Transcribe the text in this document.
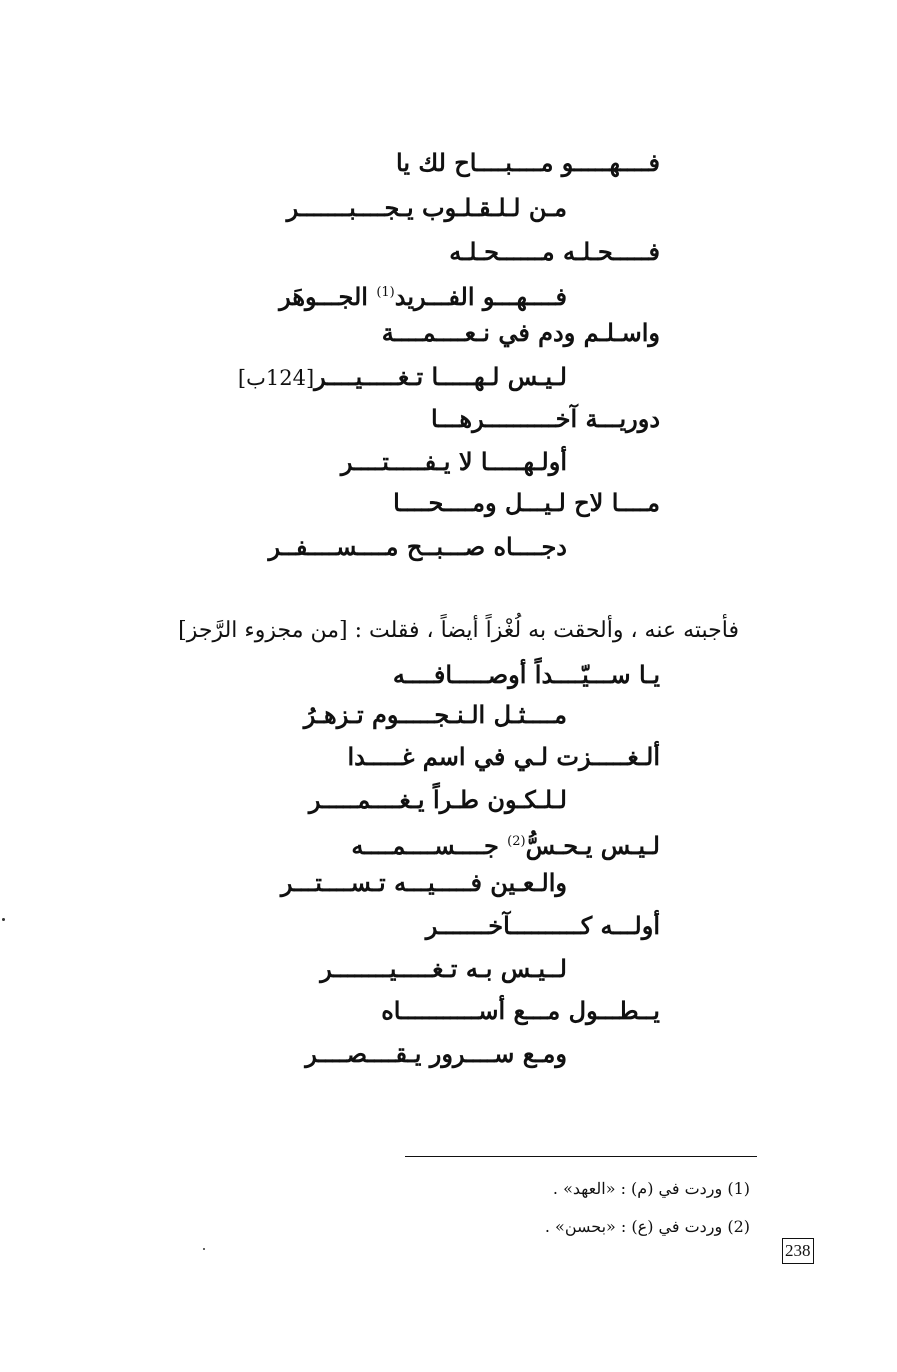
فــــهـــــو مــــبــــاح لك يا
مـن لـلـقـلـوب يـجــــبـــــــر
فـــــحـلـه مــــــحـلـه
فــــهـــو الفـــريد$^{(1)}$ الجـــوهَر
واسـلـم ودم في نـعــــمــــة
لـيـس لـهـــــا تـغـــــيــــر[124ب]
دوريـــة آخــــــــــرهـــا
أولـهـــــا لا يـفـــــتــــر
مــــا لاح لـيـــل ومــــحــــا
دجــــاه صـــبــح مــــســــفــر
فأجبته عنه ، وألحقت به لُغْزاً أيضاً ، فقلت : [من مجزوء الرَّجز]
يـا ســـيّــــداً أوصـــــافــــه
مــــثـل الـنـجـــــوم تـزهـرُ
ألـغـــــزت لـي في اسم غـــــدا
لـلـكـون طـراً يـغــــمـــــر
لـيـس يـحـسُّ$^{(2)}$ جــــســــمــــه
والـعـين فـــــيـــه تـســــتـــر
أولـــه كــــــــــآخـــــــر
لــيـس بـه تـغـــــيــــــــر
يــطـــول مـــع أســـــــــــاه
ومـع ســــرور يـقــــصــــر
(1) وردت في (م) : «العهد» .
(2) وردت في (ع) : «بحسن» .
238
